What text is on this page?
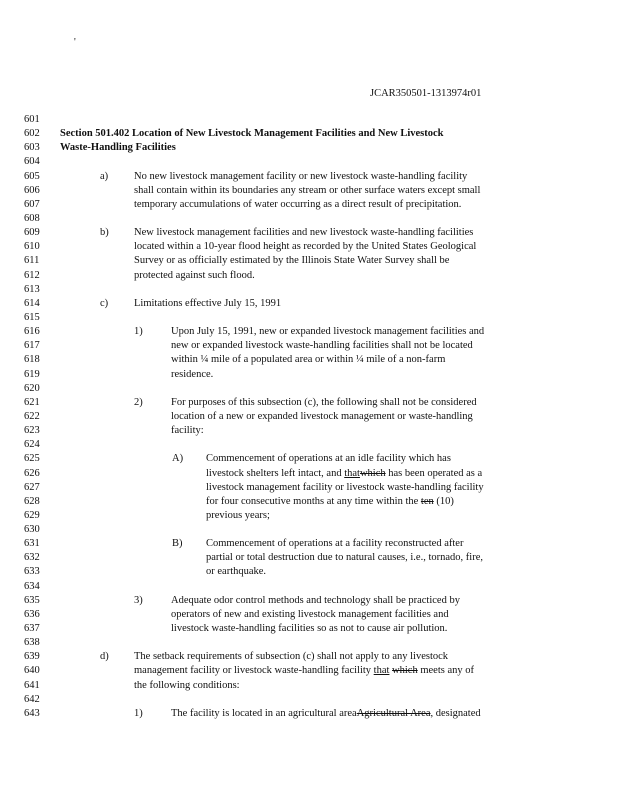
'
JCAR350501-1313974r01
601
602	Section 501.402 Location of New Livestock Management Facilities and New Livestock
603	Waste-Handling Facilities
604
605	a) No new livestock management facility or new livestock waste-handling facility
606	shall contain within its boundaries any stream or other surface waters except small
607	temporary accumulations of water occurring as a direct result of precipitation.
608
609	b) New livestock management facilities and new livestock waste-handling facilities
610	located within a 10-year flood height as recorded by the United States Geological
611	Survey or as officially estimated by the Illinois State Water Survey shall be
612	protected against such flood.
613
614	c) Limitations effective July 15, 1991
615
616	1)	Upon July 15, 1991, new or expanded livestock management facilities and
617	new or expanded livestock waste-handling facilities shall not be located
618	within ¼ mile of a populated area or within ¼ mile of a non-farm
619	residence.
620
621	2)	For purposes of this subsection (c), the following shall not be considered
622	location of a new or expanded livestock management or waste-handling
623	facility:
624
625	A) Commencement of operations at an idle facility which has
626	livestock shelters left intact, and thatwhich has been operated as a
627	livestock management facility or livestock waste-handling facility
628	for four consecutive months at any time within the ten (10)
629	previous years;
630
631	B) Commencement of operations at a facility reconstructed after
632	partial or total destruction due to natural causes, i.e., tornado, fire,
633	or earthquake.
634
635	3)	Adequate odor control methods and technology shall be practiced by
636	operators of new and existing livestock management facilities and
637	livestock waste-handling facilities so as not to cause air pollution.
638
639	d) The setback requirements of subsection (c) shall not apply to any livestock
640	management facility or livestock waste-handling facility that which meets any of
641	the following conditions:
642
643	1)	The facility is located in an agricultural areaAgricultural Area, designated
